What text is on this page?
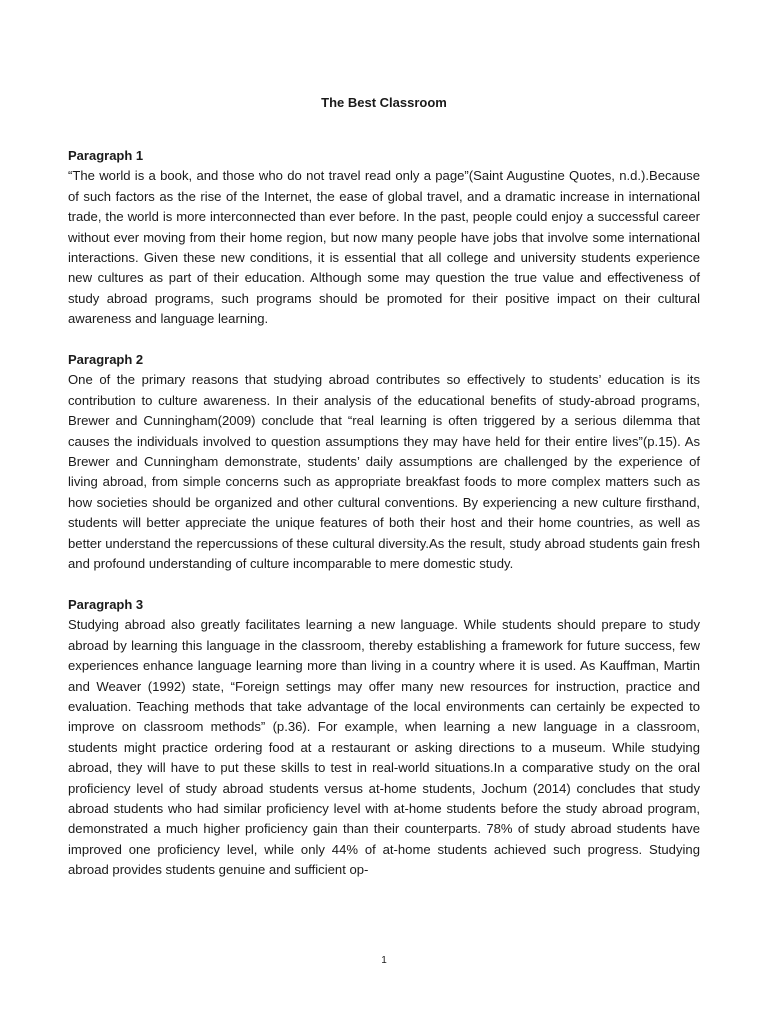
The Best Classroom

Paragraph 1

“The world is a book, and those who do not travel read only a page”(Saint Augustine Quotes, n.d.).Because of such factors as the rise of the Internet, the ease of global travel, and a dramatic increase in international trade, the world is more interconnected than ever before. In the past, people could enjoy a successful career without ever moving from their home region, but now many people have jobs that involve some international interactions. Given these new conditions, it is essential that all college and university students experience new cultures as part of their education. Although some may question the true value and effectiveness of study abroad programs, such programs should be promoted for their positive impact on their cultural awareness and language learning.

Paragraph 2

One of the primary reasons that studying abroad contributes so effectively to students’ education is its contribution to culture awareness. In their analysis of the educational benefits of study-abroad programs, Brewer and Cunningham(2009) conclude that “real learning is often triggered by a serious dilemma that causes the individuals involved to question assumptions they may have held for their entire lives”(p.15). As Brewer and Cunningham demonstrate, students’ daily assumptions are challenged by the experience of living abroad, from simple concerns such as appropriate breakfast foods to more complex matters such as how societies should be organized and other cultural conventions. By experiencing a new culture firsthand, students will better appreciate the unique features of both their host and their home countries, as well as better understand the repercussions of these cultural diversity.As the result, study abroad students gain fresh and profound understanding of culture incomparable to mere domestic study.

Paragraph 3

Studying abroad also greatly facilitates learning a new language. While students should prepare to study abroad by learning this language in the classroom, thereby establishing a framework for future success, few experiences enhance language learning more than living in a country where it is used. As Kauffman, Martin and Weaver (1992) state, “Foreign settings may offer many new resources for instruction, practice and evaluation. Teaching methods that take advantage of the local environments can certainly be expected to improve on classroom methods” (p.36). For example, when learning a new language in a classroom, students might practice ordering food at a restaurant or asking directions to a museum. While studying abroad, they will have to put these skills to test in real-world situations.In a comparative study on the oral proficiency level of study abroad students versus at-home students, Jochum (2014) concludes that study abroad students who had similar proficiency level with at-home students before the study abroad program, demonstrated a much higher proficiency gain than their counterparts. 78% of study abroad students have improved one proficiency level, while only 44% of at-home students achieved such progress. Studying abroad provides students genuine and sufficient op-

1
